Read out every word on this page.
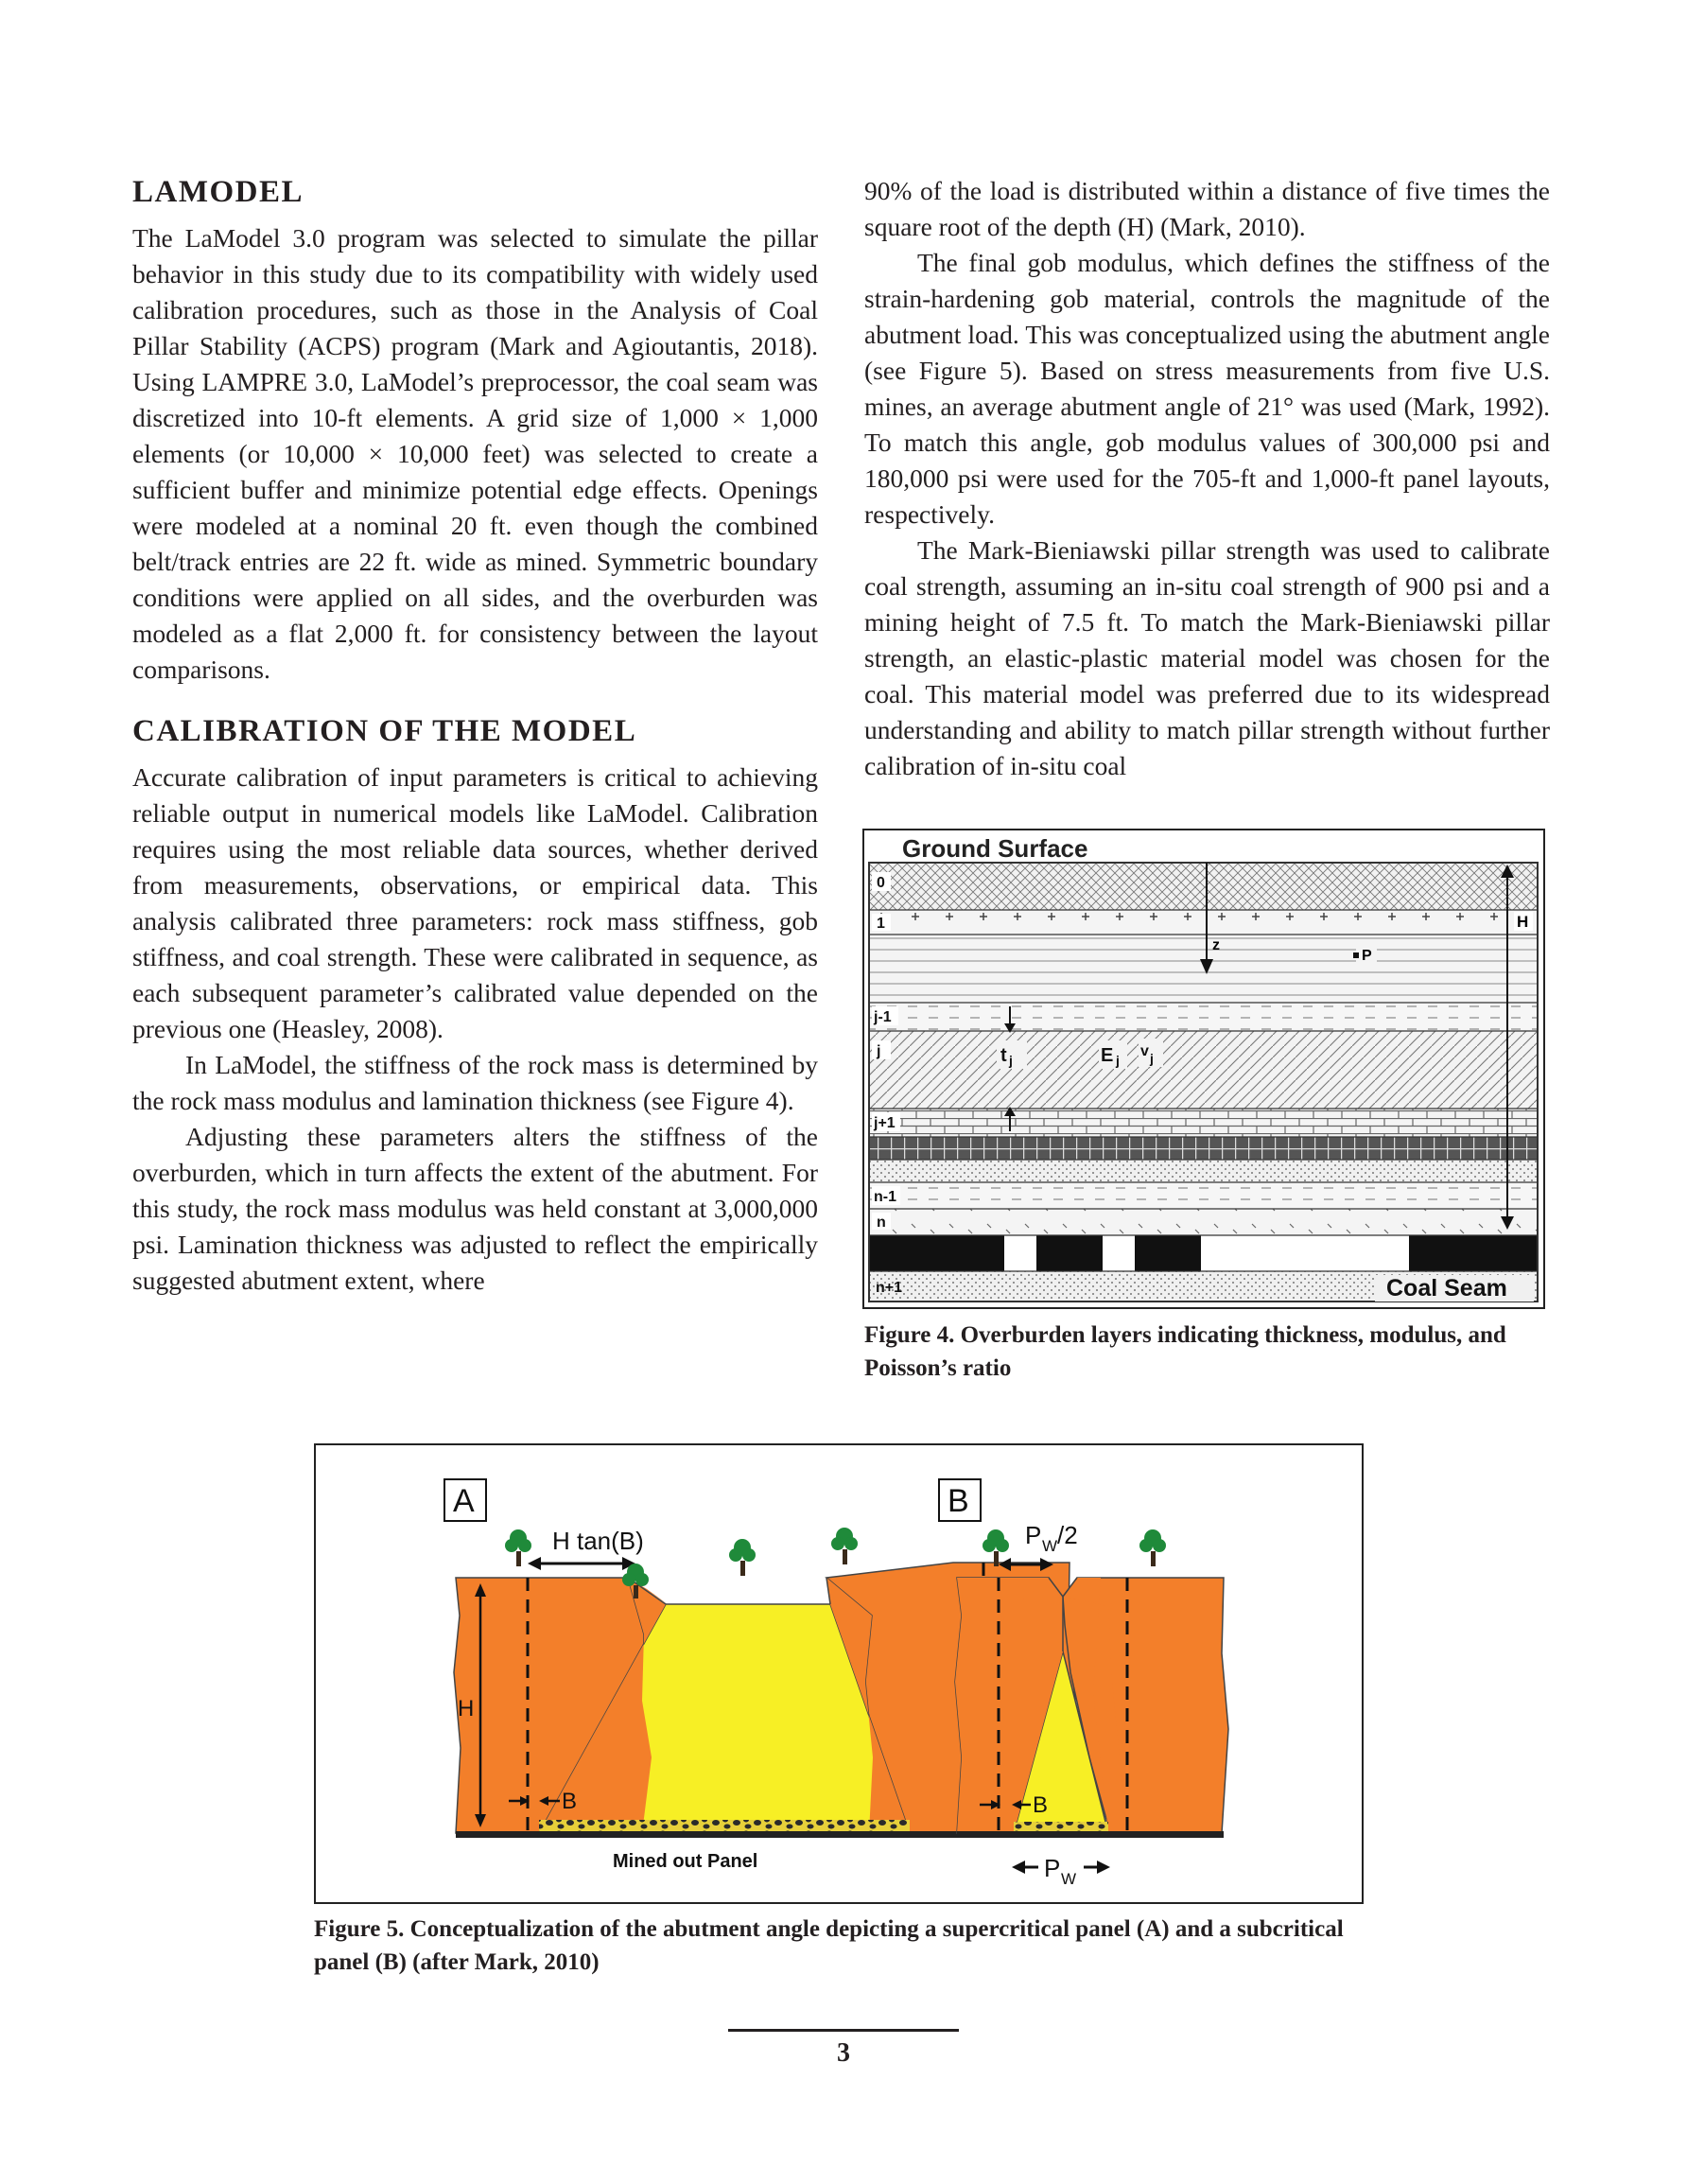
LAMODEL

The LaModel 3.0 program was selected to simulate the pillar behavior in this study due to its compatibility with widely used calibration procedures, such as those in the Analysis of Coal Pillar Stability (ACPS) program (Mark and Agioutantis, 2018). Using LAMPRE 3.0, LaModel’s preprocessor, the coal seam was discretized into 10-ft elements. A grid size of 1,000 × 1,000 elements (or 10,000 × 10,000 feet) was selected to create a sufficient buffer and minimize potential edge effects. Openings were modeled at a nominal 20 ft. even though the combined belt/track entries are 22 ft. wide as mined. Symmetric boundary conditions were applied on all sides, and the overburden was modeled as a flat 2,000 ft. for consistency between the layout comparisons.

CALIBRATION OF THE MODEL

Accurate calibration of input parameters is critical to achieving reliable output in numerical models like LaModel. Calibration requires using the most reliable data sources, whether derived from measurements, observations, or empirical data. This analysis calibrated three parameters: rock mass stiffness, gob stiffness, and coal strength. These were calibrated in sequence, as each subsequent parameter’s calibrated value depended on the previous one (Heasley, 2008).

In LaModel, the stiffness of the rock mass is determined by the rock mass modulus and lamination thickness (see Figure 4).

Adjusting these parameters alters the stiffness of the overburden, which in turn affects the extent of the abutment. For this study, the rock mass modulus was held constant at 3,000,000 psi. Lamination thickness was adjusted to reflect the empirically suggested abutment extent, where

90% of the load is distributed within a distance of five times the square root of the depth (H) (Mark, 2010).

The final gob modulus, which defines the stiffness of the strain-hardening gob material, controls the magnitude of the abutment load. This was conceptualized using the abutment angle (see Figure 5). Based on stress measurements from five U.S. mines, an average abutment angle of 21° was used (Mark, 1992). To match this angle, gob modulus values of 300,000 psi and 180,000 psi were used for the 705-ft and 1,000-ft panel layouts, respectively.

The Mark-Bieniawski pillar strength was used to calibrate coal strength, assuming an in-situ coal strength of 900 psi and a mining height of 7.5 ft. To match the Mark-Bieniawski pillar strength, an elastic-plastic material model was chosen for the coal. This material model was preferred due to its widespread understanding and ability to match pillar strength without further calibration of in-situ coal

Ground Surface
0
1
j-1
j
j+1
n-1
n
n+1
z
P
t j	E j
v j
H
Coal Seam
Figure 4. Overburden layers indicating thickness, modulus, and Poisson’s ratio
A
H
H tan(B)
B
Mined out Panel
B
P W /2
B
P W
Figure 5. Conceptualization of the abutment angle depicting a supercritical panel (A) and a subcritical panel (B) (after Mark, 2010)
3
